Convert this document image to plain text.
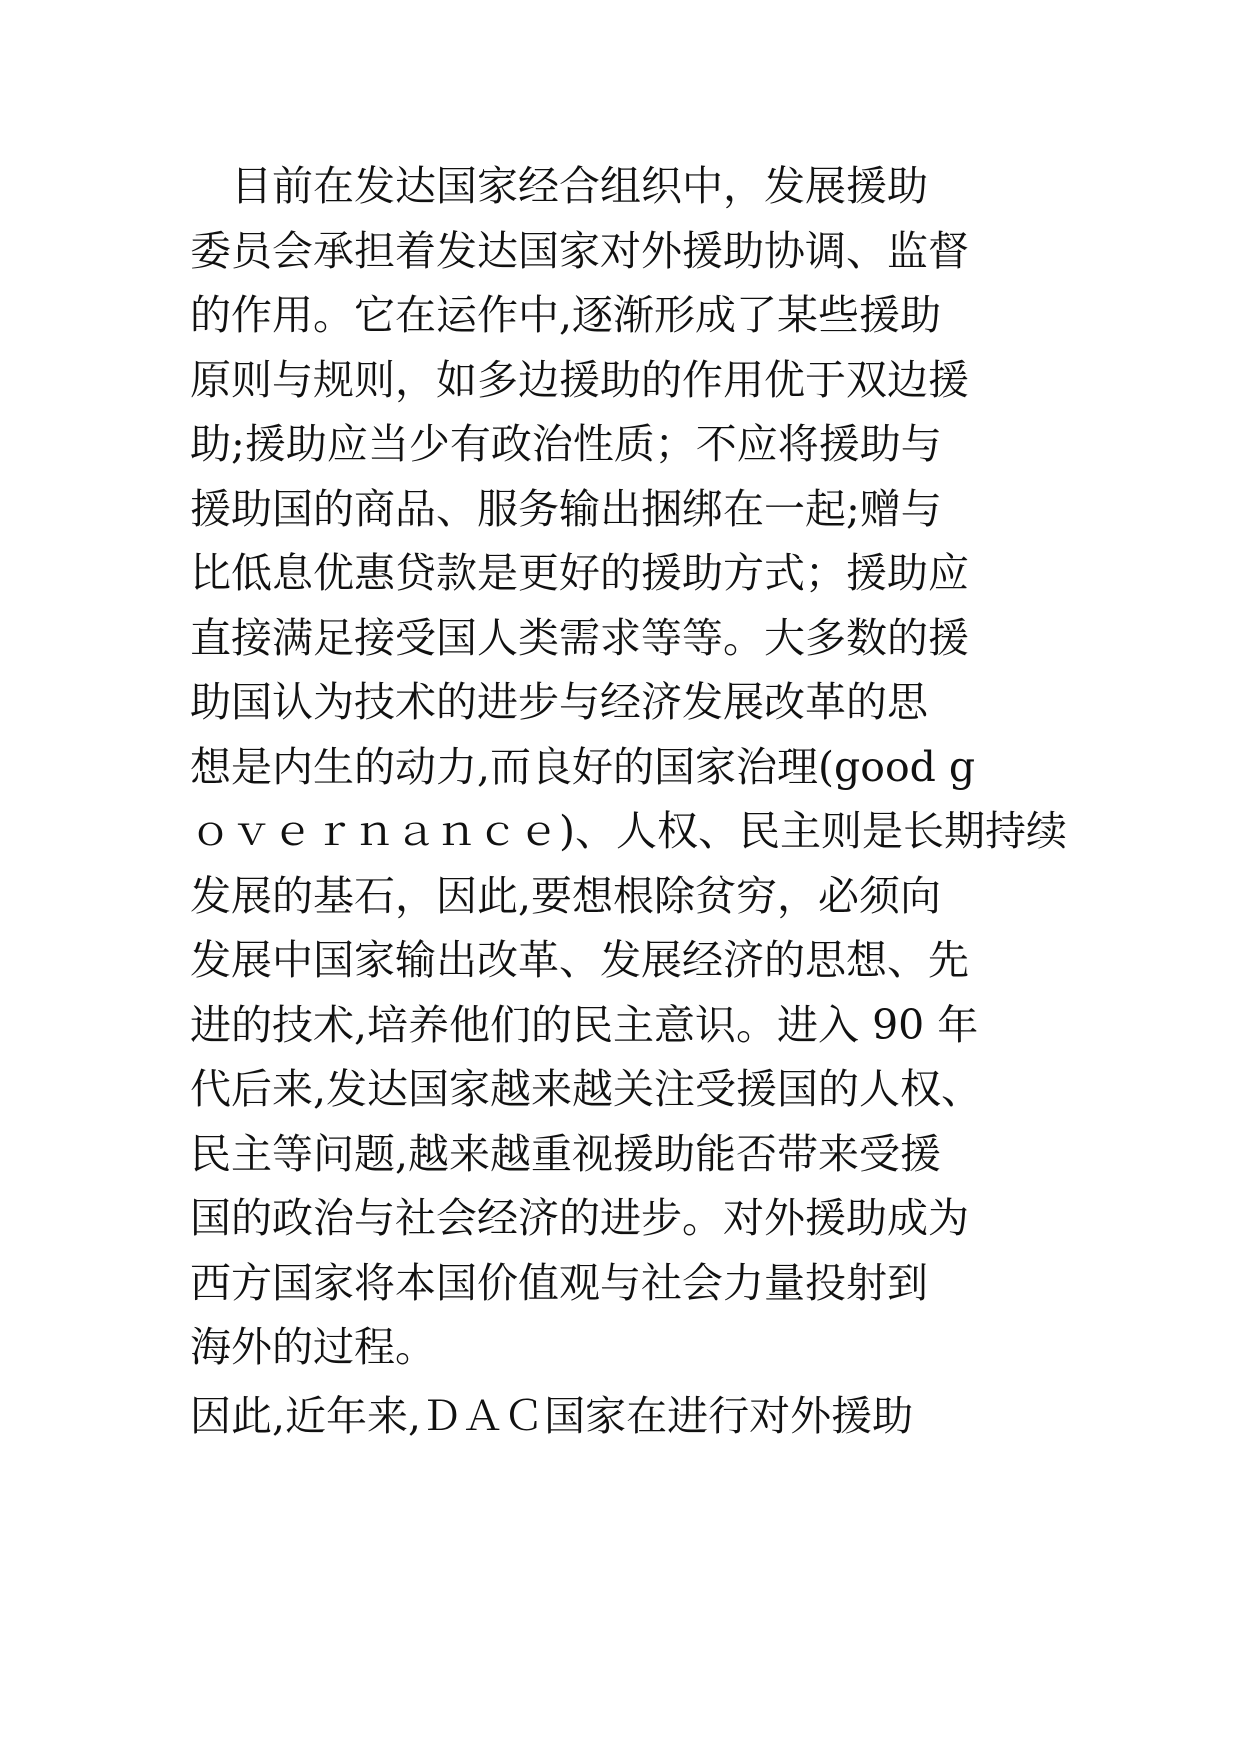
　目前在发达国家经合组织中，发展援助
委员会承担着发达国家对外援助协调、监督
的作用。它在运作中,逐渐形成了某些援助
原则与规则，如多边援助的作用优于双边援
助;援助应当少有政治性质；不应将援助与
援助国的商品、服务输出捆绑在一起;赠与
比低息优惠贷款是更好的援助方式；援助应
直接满足接受国人类需求等等。大多数的援
助国认为技术的进步与经济发展改革的思
想是内生的动力,而良好的国家治理(good g
ｏｖｅｒｎａｎｃｅ)、人权、民主则是长期持续
发展的基石，因此,要想根除贫穷，必须向
发展中国家输出改革、发展经济的思想、先
进的技术,培养他们的民主意识。进入 90 年
代后来,发达国家越来越关注受援国的人权、
民主等问题,越来越重视援助能否带来受援
国的政治与社会经济的进步。对外援助成为
西方国家将本国价值观与社会力量投射到
海外的过程。
因此,近年来,ＤＡＣ国家在进行对外援助
